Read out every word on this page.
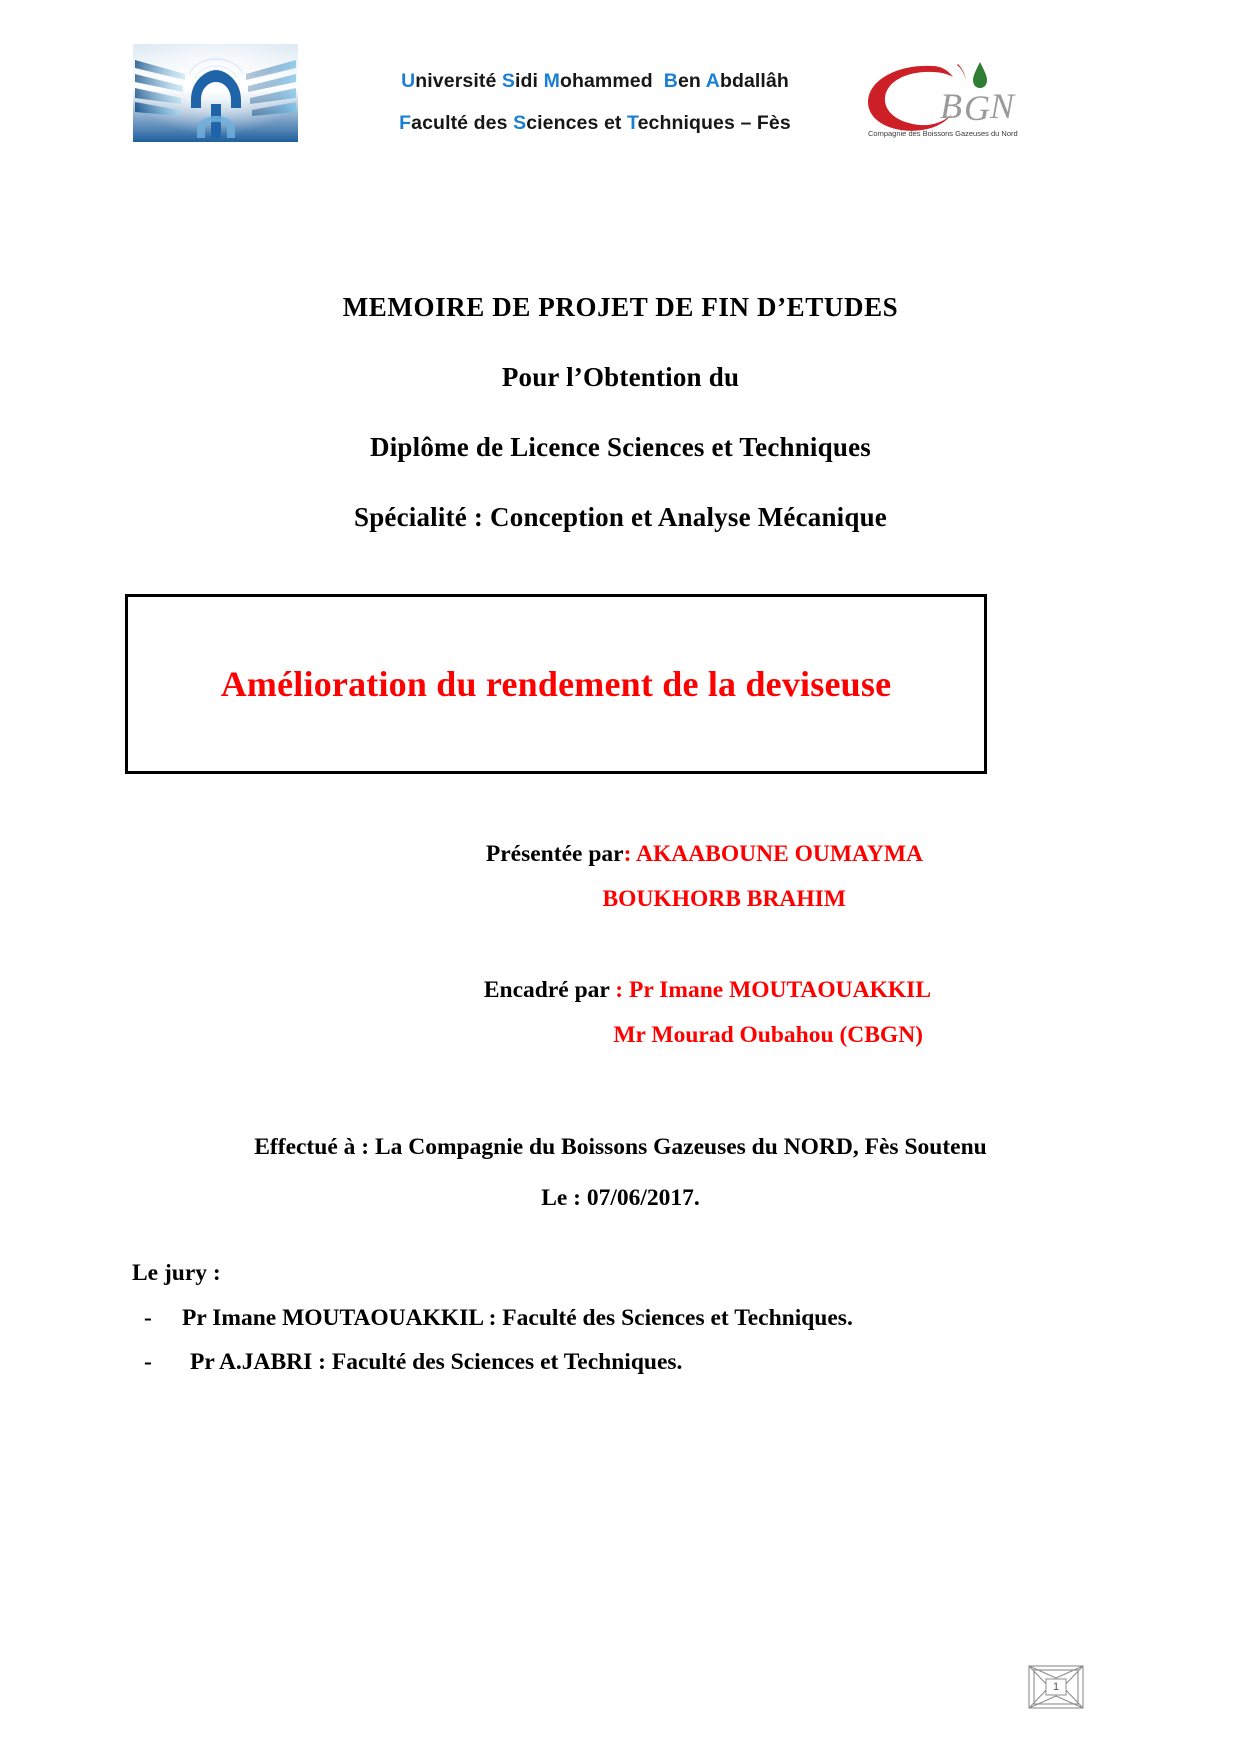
Université Sidi Mohammed  Ben Abdallâh
Faculté des Sciences et Techniques – Fès	B G N
Compagnie des Boissons Gazeuses du Nord
MEMOIRE DE PROJET DE FIN D’ETUDES
Pour l’Obtention du
Diplôme de Licence Sciences et Techniques
Spécialité : Conception et Analyse Mécanique
Amélioration du rendement de la deviseuse
Présentée par: AKAABOUNE OUMAYMA
BOUKHORB BRAHIM
Encadré par : Pr Imane MOUTAOUAKKIL
Mr Mourad Oubahou (CBGN)
Effectué à : La Compagnie du Boissons Gazeuses du NORD, Fès Soutenu
Le : 07/06/2017.
Le jury :
-	Pr Imane MOUTAOUAKKIL : Faculté des Sciences et Techniques.
-	Pr A.JABRI : Faculté des Sciences et Techniques.
1
